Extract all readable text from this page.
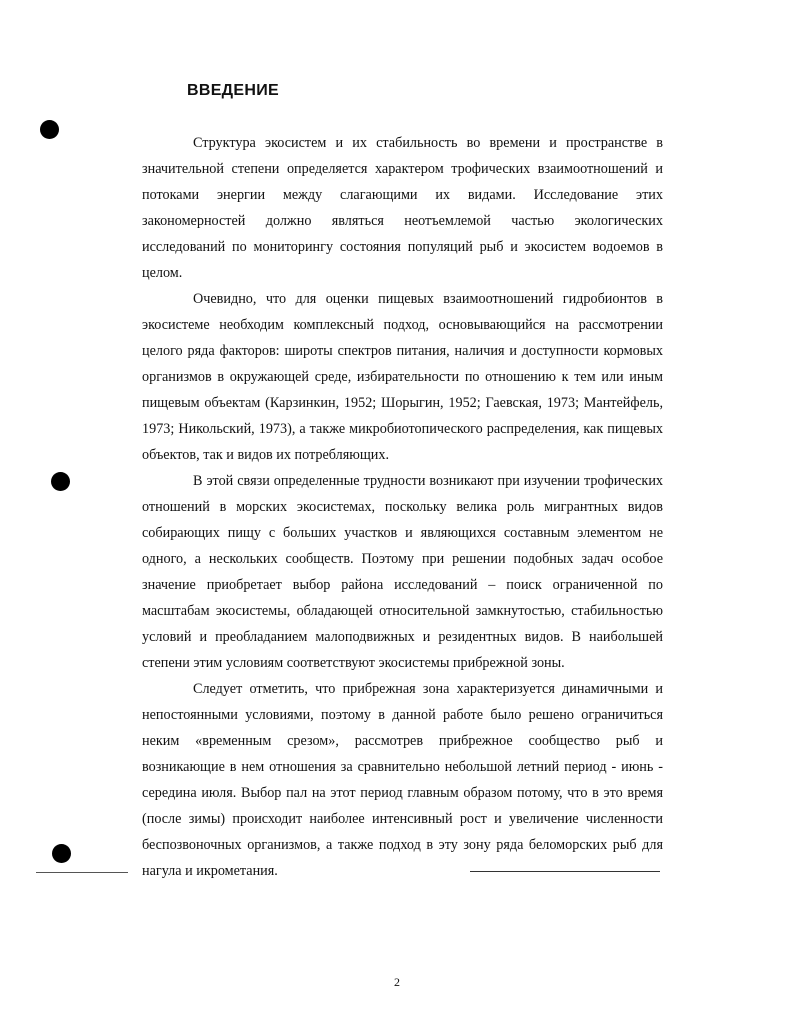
ВВЕДЕНИЕ

Структура экосистем и их стабильность во времени и пространстве в значительной степени определяется характером трофических взаимоотношений и потоками энергии между слагающими их видами. Исследование этих закономерностей должно являться неотъемлемой частью экологических исследований по мониторингу состояния популяций рыб и экосистем водоемов в целом.

Очевидно, что для оценки пищевых взаимоотношений гидробионтов в экосистеме необходим комплексный подход, основывающийся на рассмотрении целого ряда факторов: широты спектров питания, наличия и доступности кормовых организмов в окружающей среде, избирательности по отношению к тем или иным пищевым объектам (Карзинкин, 1952; Шорыгин, 1952; Гаевская, 1973; Мантейфель, 1973; Никольский, 1973), а также микробиотопического распределения, как пищевых объектов, так и видов их потребляющих.

В этой связи определенные трудности возникают при изучении трофических отношений в морских экосистемах, поскольку велика роль мигрантных видов собирающих пищу с больших участков и являющихся составным элементом не одного, а нескольких сообществ. Поэтому при решении подобных задач особое значение приобретает выбор района исследований – поиск ограниченной по масштабам экосистемы, обладающей относительной замкнутостью, стабильностью условий и преобладанием малоподвижных и резидентных видов. В наибольшей степени этим условиям соответствуют экосистемы прибрежной зоны.

Следует отметить, что прибрежная зона характеризуется динамичными и непостоянными условиями, поэтому в данной работе было решено ограничиться неким «временным срезом», рассмотрев прибрежное сообщество рыб и возникающие в нем отношения за сравнительно небольшой летний период - июнь - середина июля. Выбор пал на этот период главным образом потому, что в это время (после зимы) происходит наиболее интенсивный рост и увеличение численности беспозвоночных организмов, а также подход в эту зону ряда беломорских рыб для нагула и икрометания.

2
